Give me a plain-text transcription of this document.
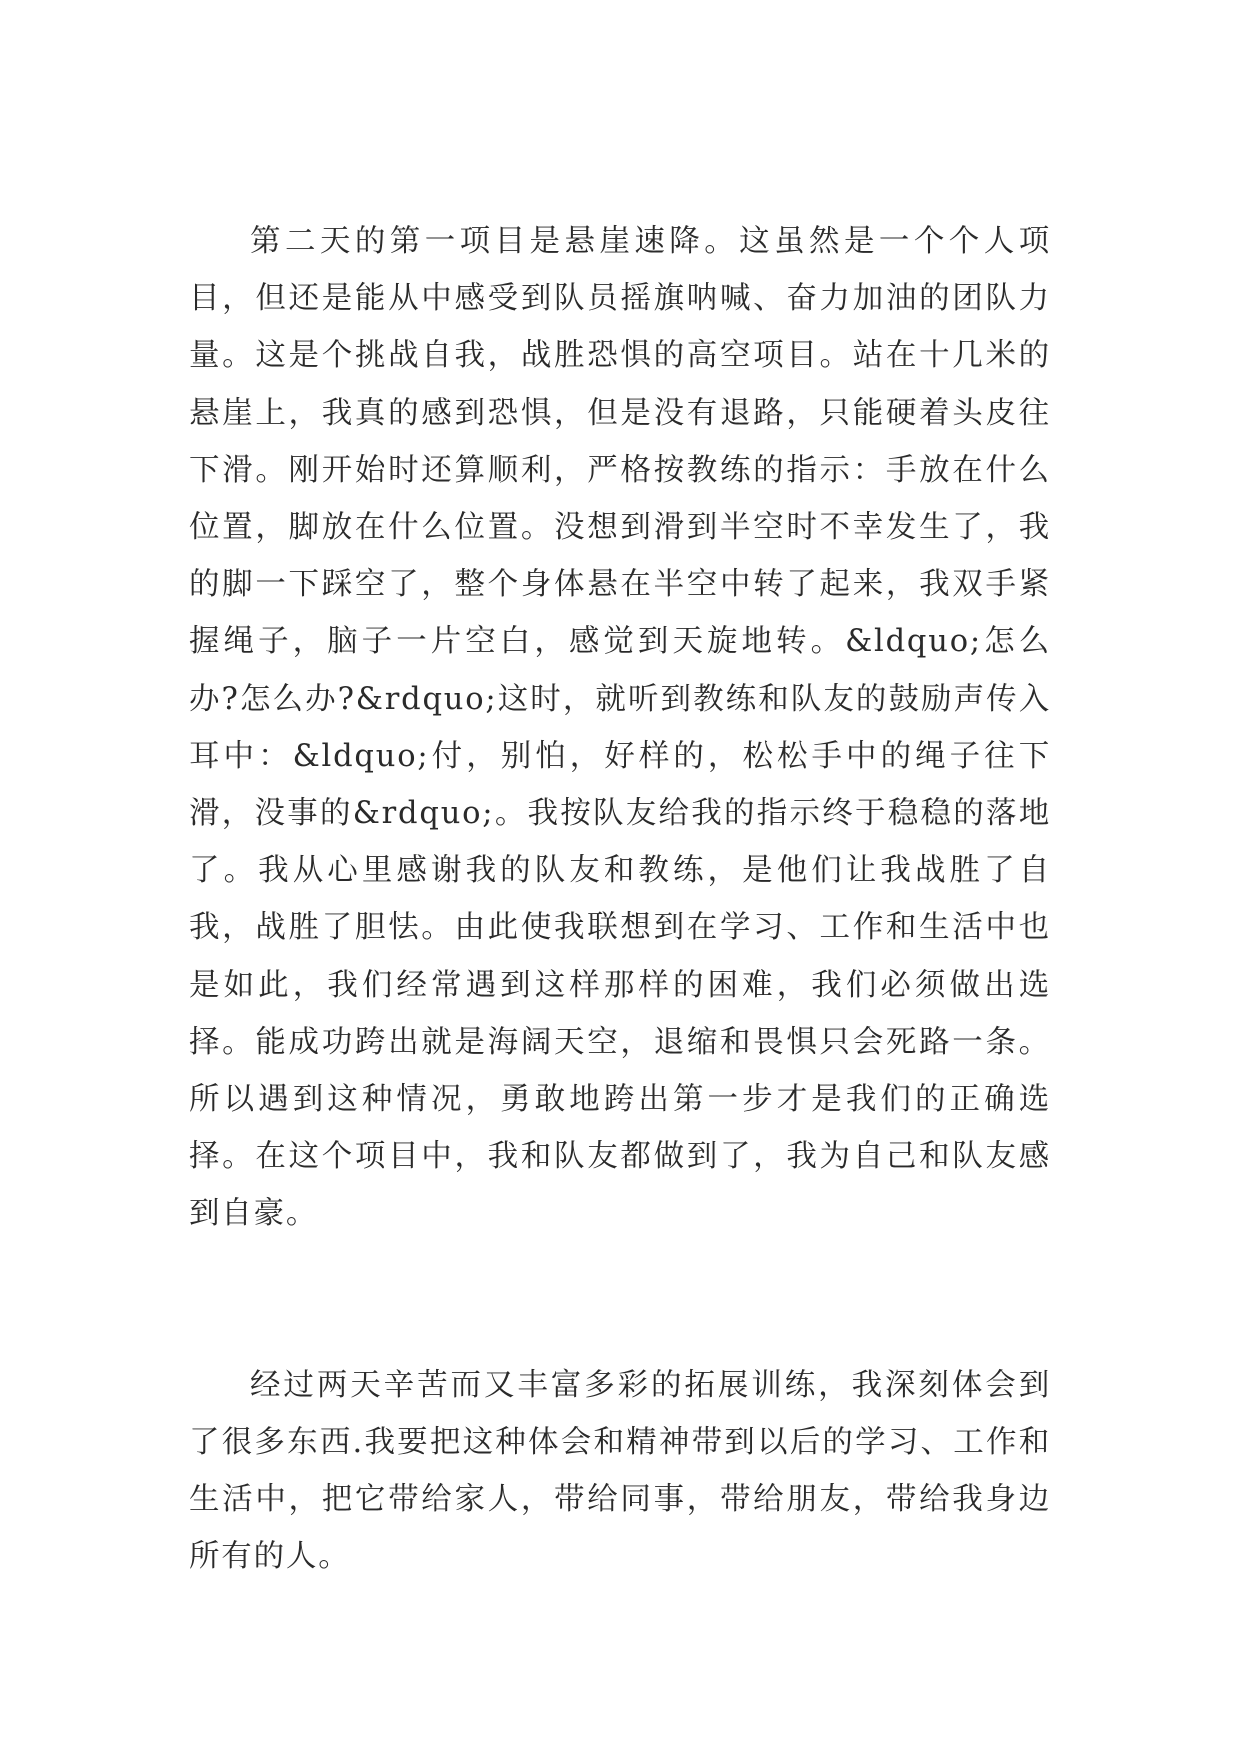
第二天的第一项目是悬崖速降。这虽然是一个个人项目，但还是能从中感受到队员摇旗呐喊、奋力加油的团队力量。这是个挑战自我，战胜恐惧的高空项目。站在十几米的悬崖上，我真的感到恐惧，但是没有退路，只能硬着头皮往下滑。刚开始时还算顺利，严格按教练的指示：手放在什么位置，脚放在什么位置。没想到滑到半空时不幸发生了，我的脚一下踩空了，整个身体悬在半空中转了起来，我双手紧握绳子，脑子一片空白，感觉到天旋地转。&ldquo;怎么办?怎么办?&rdquo;这时，就听到教练和队友的鼓励声传入耳中：&ldquo;付，别怕，好样的，松松手中的绳子往下滑，没事的&rdquo;。我按队友给我的指示终于稳稳的落地了。我从心里感谢我的队友和教练，是他们让我战胜了自我，战胜了胆怯。由此使我联想到在学习、工作和生活中也是如此，我们经常遇到这样那样的困难，我们必须做出选择。能成功跨出就是海阔天空，退缩和畏惧只会死路一条。所以遇到这种情况，勇敢地跨出第一步才是我们的正确选择。在这个项目中，我和队友都做到了，我为自己和队友感到自豪。

经过两天辛苦而又丰富多彩的拓展训练，我深刻体会到了很多东西.我要把这种体会和精神带到以后的学习、工作和生活中，把它带给家人，带给同事，带给朋友，带给我身边所有的人。
